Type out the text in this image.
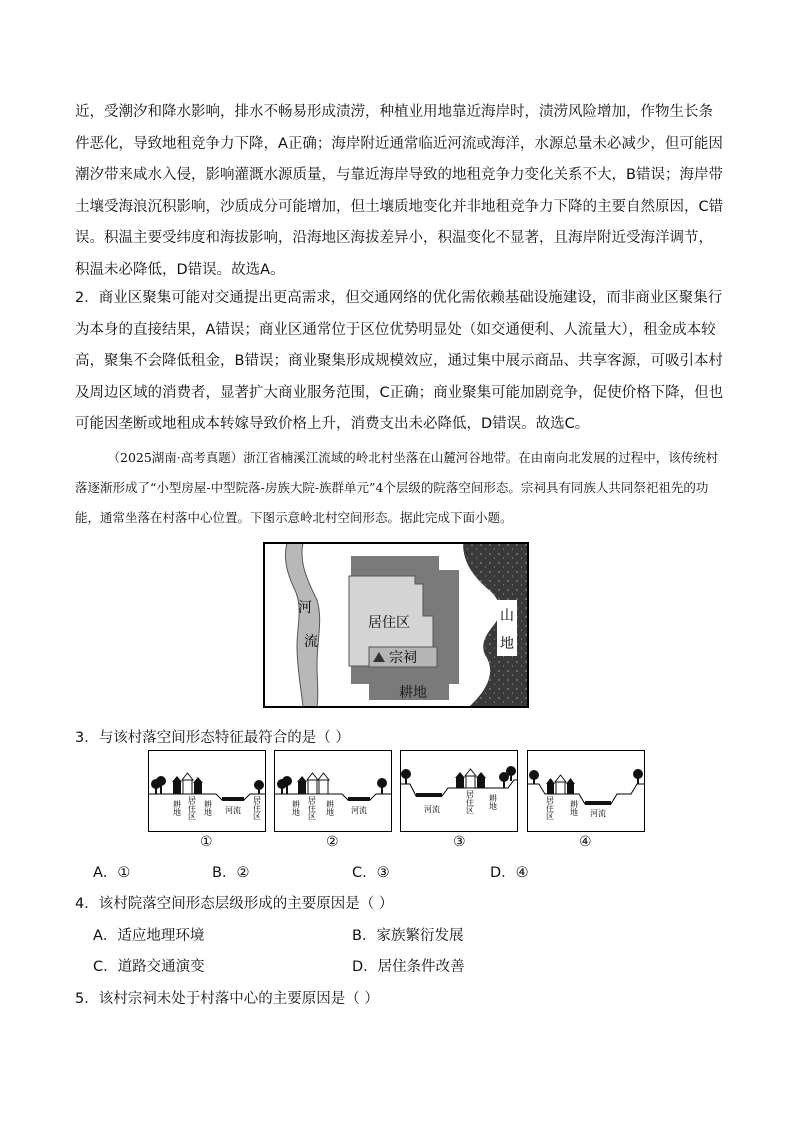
近，受潮汐和降水影响，排水不畅易形成渍涝，种植业用地靠近海岸时，渍涝风险增加，作物生长条件恶化，导致地租竞争力下降，A正确；海岸附近通常临近河流或海洋，水源总量未必减少，但可能因潮汐带来咸水入侵，影响灌溉水源质量，与靠近海岸导致的地租竞争力变化关系不大，B错误；海岸带土壤受海浪沉积影响，沙质成分可能增加，但土壤质地变化并非地租竞争力下降的主要自然原因，C错误。积温主要受纬度和海拔影响，沿海地区海拔差异小，积温变化不显著，且海岸附近受海洋调节，积温未必降低，D错误。故选A。

2．商业区聚集可能对交通提出更高需求，但交通网络的优化需依赖基础设施建设，而非商业区聚集行为本身的直接结果，A错误；商业区通常位于区位优势明显处（如交通便利、人流量大），租金成本较高，聚集不会降低租金，B错误；商业聚集形成规模效应，通过集中展示商品、共享客源，可吸引本村及周边区域的消费者，显著扩大商业服务范围，C正确；商业聚集可能加剧竞争，促使价格下降，但也可能因垄断或地租成本转嫁导致价格上升，消费支出未必降低，D错误。故选C。

（2025湖南·高考真题）浙江省楠溪江流域的岭北村坐落在山麓河谷地带。在由南向北发展的过程中，该传统村落逐渐形成了“小型房屋-中型院落-房族大院-族群单元”4个层级的院落空间形态。宗祠具有同族人共同祭祀祖先的功能，通常坐落在村落中心位置。下图示意岭北村空间形态。据此完成下面小题。

河
流
居住区
宗祠
耕地
山
地

3．与该村落空间形态特征最符合的是（ ）

耕地 居住区 耕地 河流 居住区	耕地 居住区 耕地 河流	河流	居住区 耕地	居住区 耕地 河流
①	②	③	④
A．①	B．②	C．③	D．④

4．该村院落空间形态层级形成的主要原因是（ ）

A．适应地理环境	B．家族繁衍发展
C．道路交通演变	D．居住条件改善

5．该村宗祠未处于村落中心的主要原因是（ ）
